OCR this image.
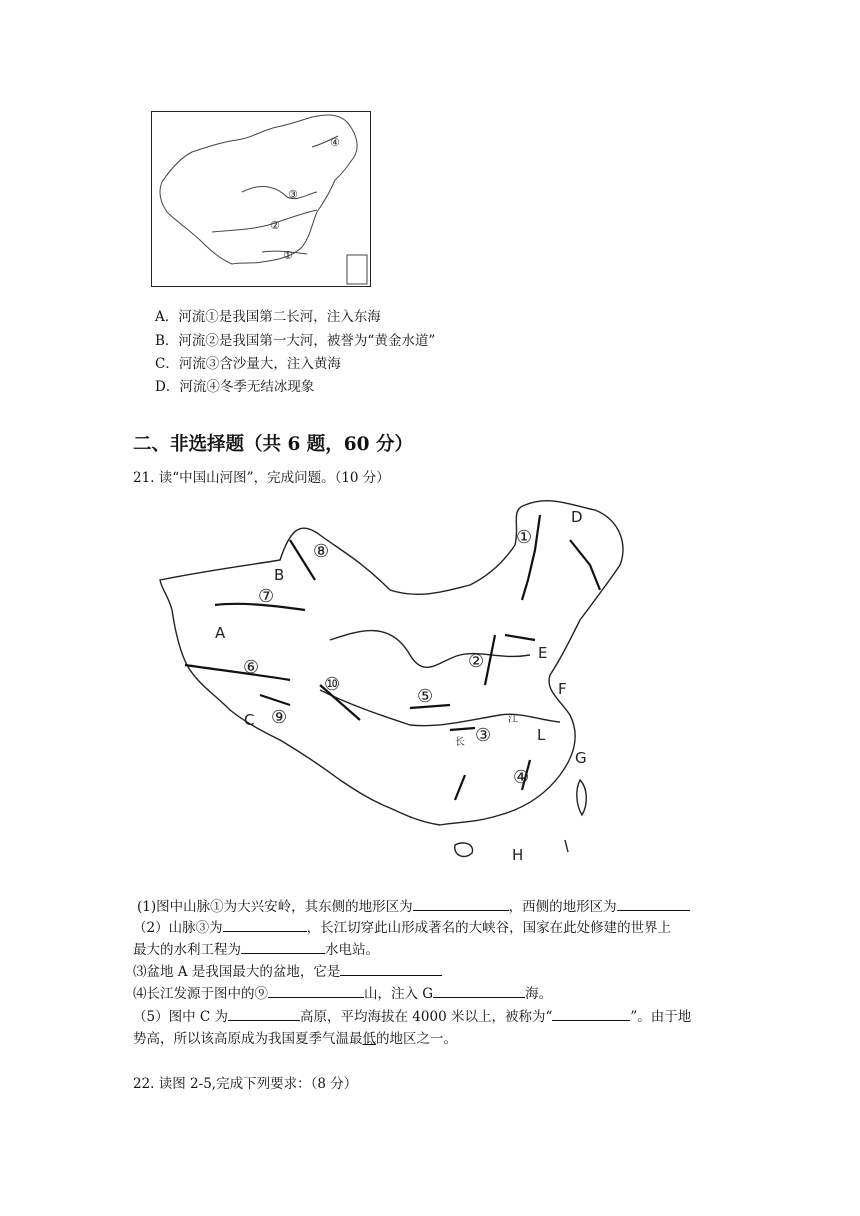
①
②
③
④
A．河流①是我国第二长河，注入东海
B．河流②是我国第一大河，被誉为“黄金水道”
C．河流③含沙量大，注入黄海
D．河流④冬季无结冰现象
二、非选择题（共 6 题，60 分）
21. 读“中国山河图”，完成问题。（10 分）
A
B
C
D
E
F
G
H
L
①
②
③
④
⑤
⑥
⑦
⑧
⑨
⑩
长
江
(1)图中山脉①为大兴安岭，其东侧的地形区为	，西侧的地形区为
（2）山脉③为	，长江切穿此山形成著名的大峡谷，国家在此处修建的世界上
最大的水利工程为	水电站。
⑶盆地 A 是我国最大的盆地，它是
⑷长江发源于图中的⑨	山，注入 G	海。
（5）图中 C 为	高原，平均海拔在 4000 米以上，被称为“	”。由于地
势高，所以该高原成为我国夏季气温最低的地区之一。
22. 读图 2-5,完成下列要求：（8 分）
